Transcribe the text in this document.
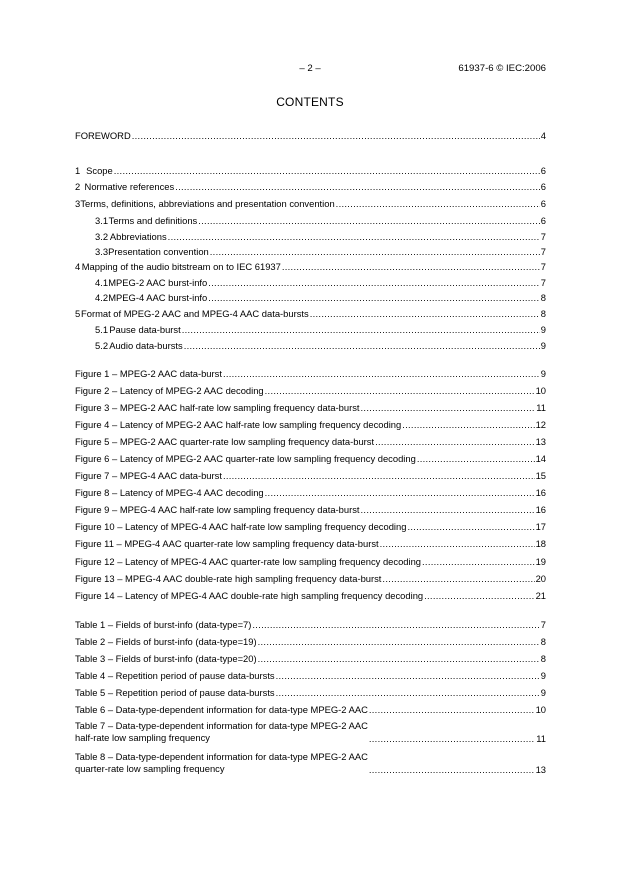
– 2 –	61937-6 © IEC:2006
CONTENTS
FOREWORD .....	4
1 Scope .....	6
2 Normative references .....	6
3 Terms, definitions, abbreviations and presentation convention .....	6
3.1 Terms and definitions .....	6
3.2 Abbreviations .....	7
3.3 Presentation convention .....	7
4 Mapping of the audio bitstream on to IEC 61937 .....	7
4.1 MPEG-2 AAC burst-info .....	7
4.2 MPEG-4 AAC burst-info .....	8
5 Format of MPEG-2 AAC and MPEG-4 AAC data-bursts .....	8
5.1 Pause data-burst .....	9
5.2 Audio data-bursts .....	9
Figure 1 – MPEG-2 AAC data-burst .....	9
Figure 2 – Latency of MPEG-2 AAC decoding .....	10
Figure 3 – MPEG-2 AAC half-rate low sampling frequency data-burst .....	11
Figure 4 – Latency of MPEG-2 AAC half-rate low sampling frequency decoding .....	12
Figure 5 – MPEG-2 AAC quarter-rate low sampling frequency data-burst .....	13
Figure 6 – Latency of MPEG-2 AAC quarter-rate low sampling frequency decoding .....	14
Figure 7 – MPEG-4 AAC data-burst .....	15
Figure 8 – Latency of MPEG-4 AAC decoding .....	16
Figure 9 – MPEG-4 AAC half-rate low sampling frequency data-burst .....	16
Figure 10 – Latency of MPEG-4 AAC half-rate low sampling frequency decoding .....	17
Figure 11 – MPEG-4 AAC quarter-rate low sampling frequency data-burst .....	18
Figure 12 – Latency of MPEG-4 AAC quarter-rate low sampling frequency decoding .....	19
Figure 13 – MPEG-4 AAC double-rate high sampling frequency data-burst .....	20
Figure 14 – Latency of MPEG-4 AAC double-rate high sampling frequency decoding .....	21
Table 1 – Fields of burst-info (data-type=7) .....	7
Table 2 – Fields of burst-info (data-type=19) .....	8
Table 3 – Fields of burst-info (data-type=20) .....	8
Table 4 – Repetition period of pause data-bursts .....	9
Table 5 – Repetition period of pause data-bursts .....	9
Table 6 – Data-type-dependent information for data-type MPEG-2 AAC .....	10
Table 7 – Data-type-dependent information for data-type MPEG-2 AAC
half-rate low sampling frequency .....	11
Table 8 – Data-type-dependent information for data-type MPEG-2 AAC
quarter-rate low sampling frequency .....	13
